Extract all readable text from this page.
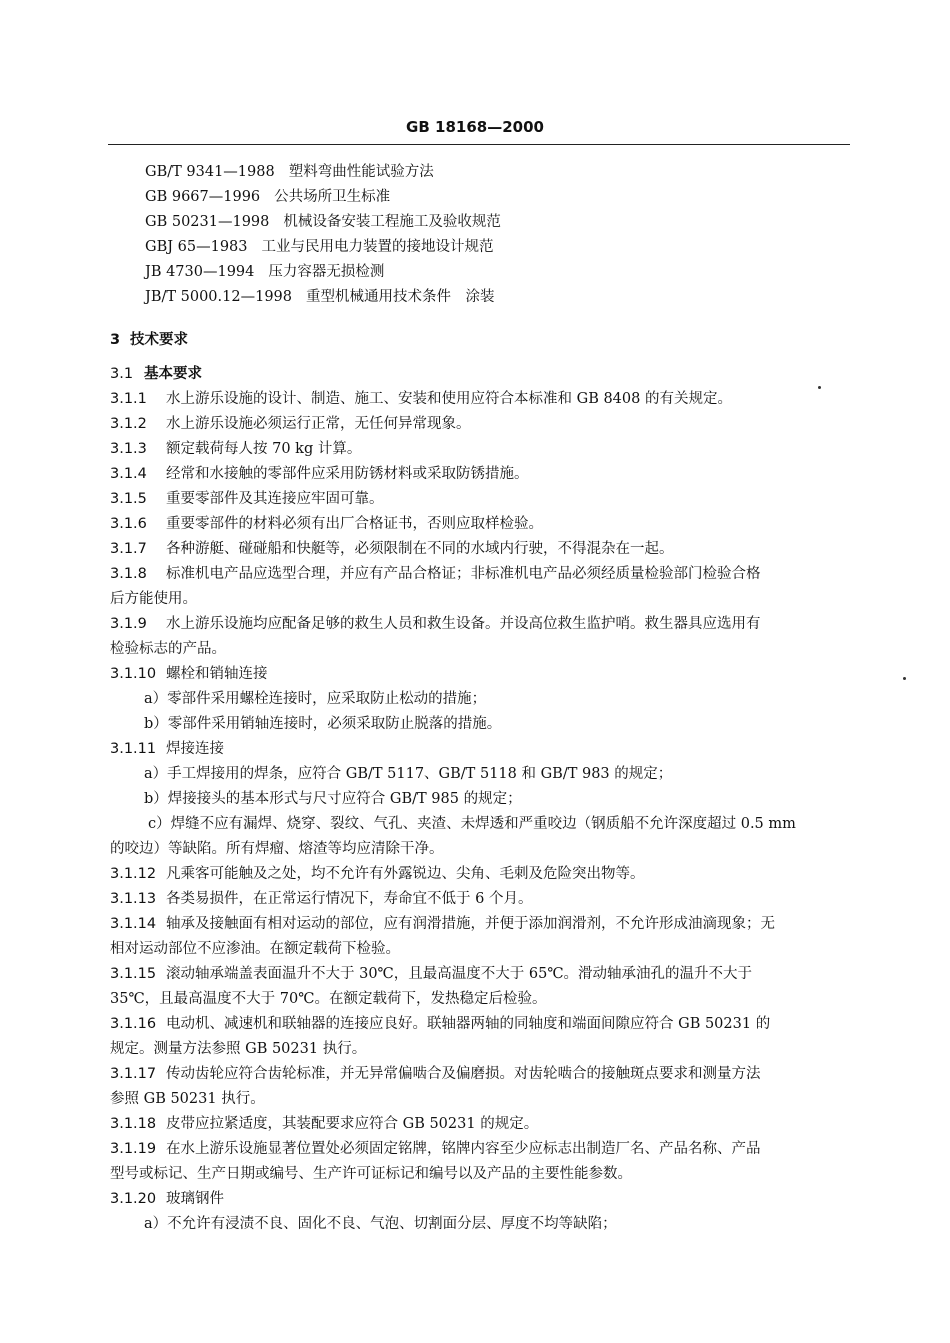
GB 18168—2000
GB/T 9341—1988 塑料弯曲性能试验方法
GB 9667—1996 公共场所卫生标准
GB 50231—1998 机械设备安装工程施工及验收规范
GBJ 65—1983 工业与民用电力装置的接地设计规范
JB 4730—1994 压力容器无损检测
JB/T 5000.12—1998 重型机械通用技术条件　涂装
3 技术要求
3.1 基本要求
3.1.1 水上游乐设施的设计、制造、施工、安装和使用应符合本标准和 GB 8408 的有关规定。
3.1.2 水上游乐设施必须运行正常，无任何异常现象。
3.1.3 额定载荷每人按 70 kg 计算。
3.1.4 经常和水接触的零部件应采用防锈材料或采取防锈措施。
3.1.5 重要零部件及其连接应牢固可靠。
3.1.6 重要零部件的材料必须有出厂合格证书，否则应取样检验。
3.1.7 各种游艇、碰碰船和快艇等，必须限制在不同的水域内行驶，不得混杂在一起。
3.1.8 标准机电产品应选型合理，并应有产品合格证；非标准机电产品必须经质量检验部门检验合格
后方能使用。
3.1.9 水上游乐设施均应配备足够的救生人员和救生设备。并设高位救生监护哨。救生器具应选用有
检验标志的产品。
3.1.10 螺栓和销轴连接
a）零部件采用螺栓连接时，应采取防止松动的措施；
b）零部件采用销轴连接时，必须采取防止脱落的措施。
3.1.11 焊接连接
a）手工焊接用的焊条，应符合 GB/T 5117、GB/T 5118 和 GB/T 983 的规定；
b）焊接接头的基本形式与尺寸应符合 GB/T 985 的规定；
c）焊缝不应有漏焊、烧穿、裂纹、气孔、夹渣、未焊透和严重咬边（钢质船不允许深度超过 0.5 mm
的咬边）等缺陷。所有焊瘤、熔渣等均应清除干净。
3.1.12 凡乘客可能触及之处，均不允许有外露锐边、尖角、毛刺及危险突出物等。
3.1.13 各类易损件，在正常运行情况下，寿命宜不低于 6 个月。
3.1.14 轴承及接触面有相对运动的部位，应有润滑措施，并便于添加润滑剂，不允许形成油滴现象；无
相对运动部位不应渗油。在额定载荷下检验。
3.1.15 滚动轴承端盖表面温升不大于 30℃，且最高温度不大于 65℃。滑动轴承油孔的温升不大于
35℃，且最高温度不大于 70℃。在额定载荷下，发热稳定后检验。
3.1.16 电动机、减速机和联轴器的连接应良好。联轴器两轴的同轴度和端面间隙应符合 GB 50231 的
规定。测量方法参照 GB 50231 执行。
3.1.17 传动齿轮应符合齿轮标准，并无异常偏啮合及偏磨损。对齿轮啮合的接触斑点要求和测量方法
参照 GB 50231 执行。
3.1.18 皮带应拉紧适度，其装配要求应符合 GB 50231 的规定。
3.1.19 在水上游乐设施显著位置处必须固定铭牌，铭牌内容至少应标志出制造厂名、产品名称、产品
型号或标记、生产日期或编号、生产许可证标记和编号以及产品的主要性能参数。
3.1.20 玻璃钢件
a）不允许有浸渍不良、固化不良、气泡、切割面分层、厚度不均等缺陷；
